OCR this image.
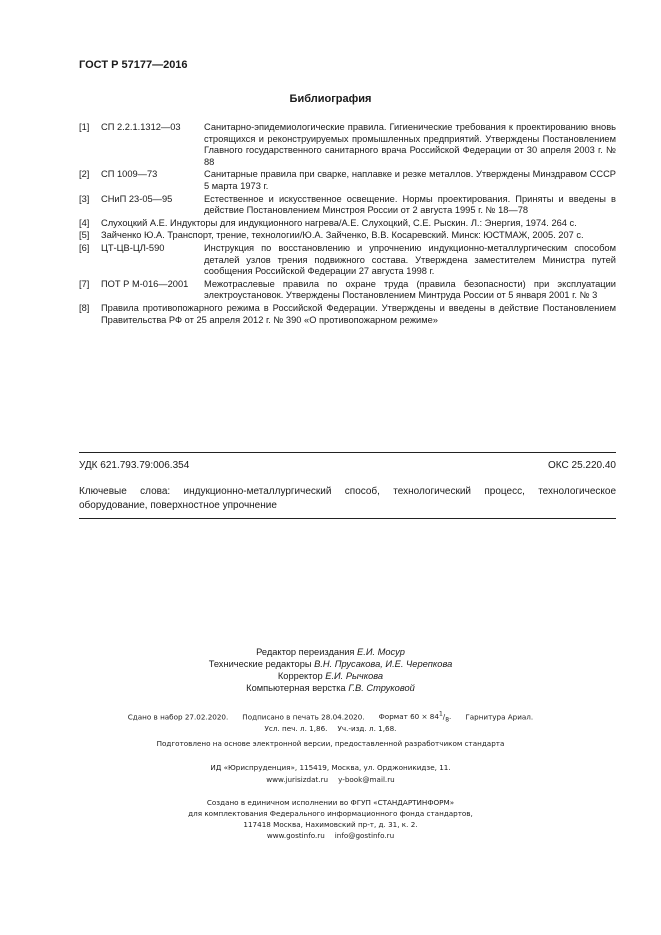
ГОСТ Р 57177—2016
Библиография
[1]	СП 2.2.1.1312—03	Санитарно-эпидемиологические правила. Гигиенические требования к проектированию вновь строящихся и реконструируемых промышленных предприятий. Утверждены Постановлением Главного государственного санитарного врача Российской Федерации от 30 апреля 2003 г. № 88
[2]	СП 1009—73	Санитарные правила при сварке, наплавке и резке металлов. Утверждены Минздравом СССР 5 марта 1973 г.
[3]	СНиП 23-05—95	Естественное и искусственное освещение. Нормы проектирования. Приняты и введены в действие Постановлением Минстроя России от 2 августа 1995 г. № 18—78
[4]	Слухоцкий А.Е. Индукторы для индукционного нагрева/А.Е. Слухоцкий, С.Е. Рыскин. Л.: Энергия, 1974. 264 с.
[5]	Зайченко Ю.А. Транспорт, трение, технологии/Ю.А. Зайченко, В.В. Косаревский. Минск: ЮСТМАЖ, 2005. 207 с.
[6]	ЦТ-ЦВ-ЦЛ-590	Инструкция по восстановлению и упрочнению индукционно-металлургическим способом деталей узлов трения подвижного состава. Утверждена заместителем Министра путей сообщения Российской Федерации 27 августа 1998 г.
[7]	ПОТ Р М-016—2001	Межотраслевые правила по охране труда (правила безопасности) при эксплуатации электроустановок. Утверждены Постановлением Минтруда России от 5 января 2001 г. № 3
[8]	Правила противопожарного режима в Российской Федерации. Утверждены и введены в действие Постановлением Правительства РФ от 25 апреля 2012 г. № 390 «О противопожарном режиме»
УДК 621.793.79:006.354	ОКС 25.220.40
Ключевые слова: индукционно-металлургический способ, технологический процесс, технологическое оборудование, поверхностное упрочнение
Редактор переиздания Е.И. Мосур
Технические редакторы В.Н. Прусакова, И.Е. Черепкова
Корректор Е.И. Рычкова
Компьютерная верстка Г.В. Струковой
Сдано в набор 27.02.2020. Подписано в печать 28.04.2020. Формат $60 \times 84^1/_8$. Гарнитура Ариал.
Усл. печ. л. 1,86. Уч.-изд. л. 1,68.
Подготовлено на основе электронной версии, предоставленной разработчиком стандарта
ИД «Юриспруденция», 115419, Москва, ул. Орджоникидзе, 11.
www.jurisizdat.ru y-book@mail.ru
Создано в единичном исполнении во ФГУП «СТАНДАРТИНФОРМ»
для комплектования Федерального информационного фонда стандартов,
117418 Москва, Нахимовский пр-т, д. 31, к. 2.
www.gostinfo.ru info@gostinfo.ru
